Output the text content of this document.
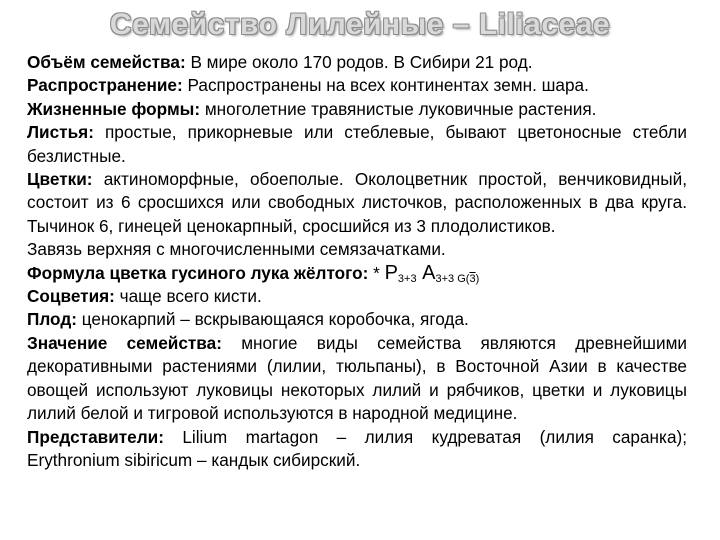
Семейство Лилейные – Liliaceae

Объём семейства: В мире около 170 родов. В Сибири 21 род.

Распространение: Распространены на всех континентах земн. шара.

Жизненные формы: многолетние травянистые луковичные растения.

Листья: простые, прикорневые или стеблевые, бывают цветоносные стебли безлистные.

Цветки: актиноморфные, обоеполые. Околоцветник простой, венчиковидный, состоит из 6 сросшихся или свободных листочков, расположенных в два круга. Тычинок 6, гинецей ценокарпный, сросшийся из 3 плодолистиков.

Завязь верхняя с многочисленными семязачатками.

Формула цветка гусиного лука жёлтого: * $Р_{3+3}$ $А_{3+3}$ $_{G(3)}$

Соцветия: чаще всего кисти.

Плод: ценокарпий – вскрывающаяся коробочка, ягода.

Значение семейства: многие виды семейства являются древнейшими декоративными растениями (лилии, тюльпаны), в Восточной Азии в качестве овощей используют луковицы некоторых лилий и рябчиков, цветки и луковицы лилий белой и тигровой используются в народной медицине.

Представители: Lilium martagon – лилия кудреватая (лилия саранка); Erythronium sibiricum – кандык сибирский.
